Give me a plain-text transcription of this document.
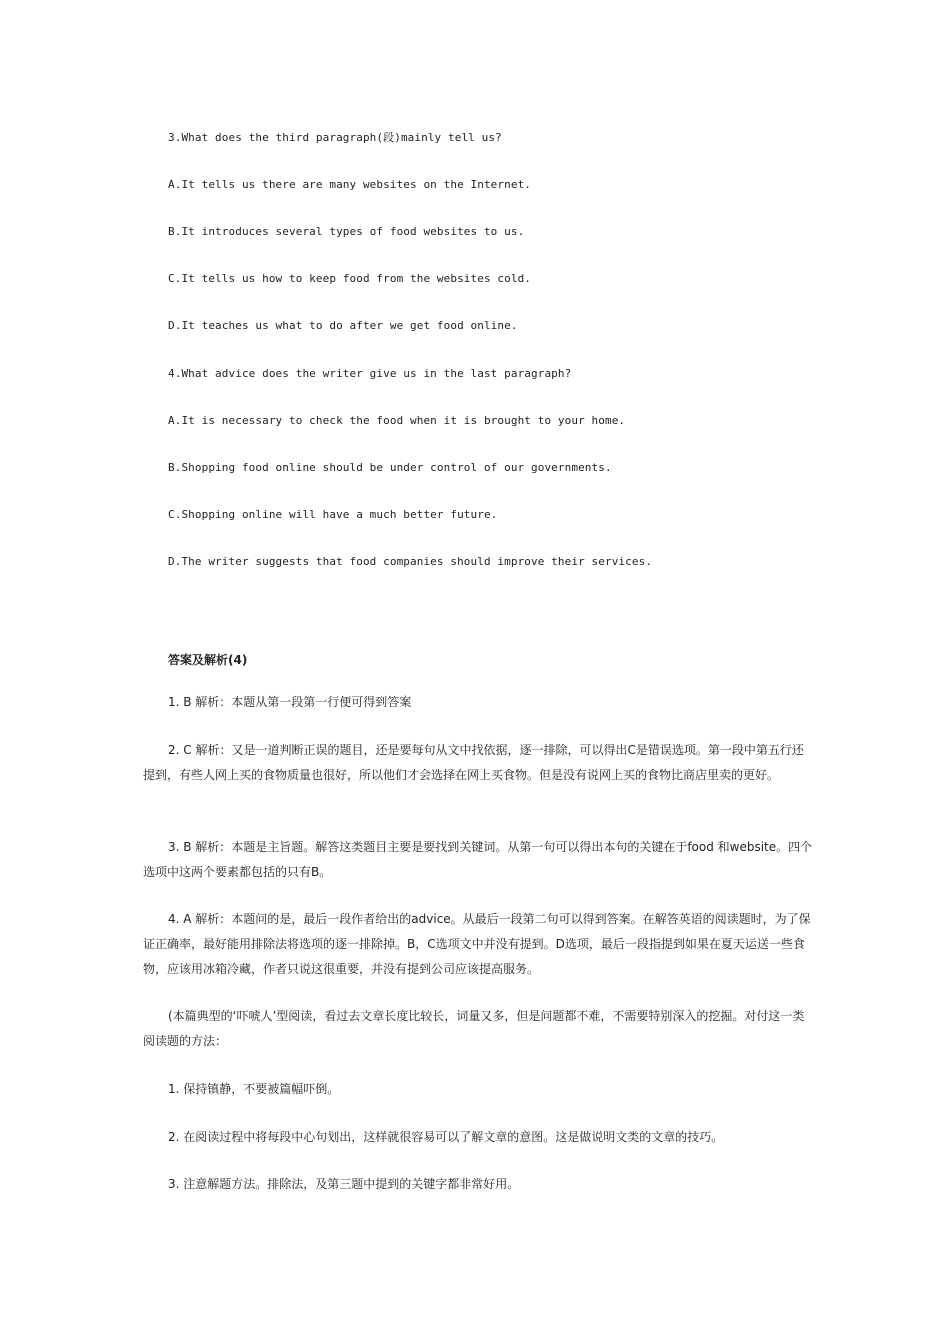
3.What does the third paragraph(段)mainly tell us?
A.It tells us there are many websites on the Internet.
B.It introduces several types of food websites to us.
C.It tells us how to keep food from the websites cold.
D.It teaches us what to do after we get food online.
4.What advice does the writer give us in the last paragraph?
A.It is necessary to check the food when it is brought to your home.
B.Shopping food online should be under control of our governments.
C.Shopping online will have a much better future.
D.The writer suggests that food companies should improve their services.
答案及解析(4)
1. B 解析：本题从第一段第一行便可得到答案
2. C 解析：又是一道判断正误的题目，还是要每句从文中找依据，逐一排除，可以得出C是错误选项。第一段中第五行还提到，有些人网上买的食物质量也很好，所以他们才会选择在网上买食物。但是没有说网上买的食物比商店里卖的更好。
3. B 解析：本题是主旨题。解答这类题目主要是要找到关键词。从第一句可以得出本句的关键在于food 和website。四个选项中这两个要素都包括的只有B。
4. A 解析：本题问的是，最后一段作者给出的advice。从最后一段第二句可以得到答案。在解答英语的阅读题时，为了保证正确率，最好能用排除法将选项的逐一排除掉。B，C选项文中并没有提到。D选项，最后一段指提到如果在夏天运送一些食物，应该用冰箱冷藏，作者只说这很重要，并没有提到公司应该提高服务。
(本篇典型的‘吓唬人’型阅读，看过去文章长度比较长，词量又多，但是问题都不难，不需要特别深入的挖掘。对付这一类阅读题的方法：
1. 保持镇静，不要被篇幅吓倒。
2. 在阅读过程中将每段中心句划出，这样就很容易可以了解文章的意图。这是做说明文类的文章的技巧。
3. 注意解题方法。排除法，及第三题中提到的关键字都非常好用。
